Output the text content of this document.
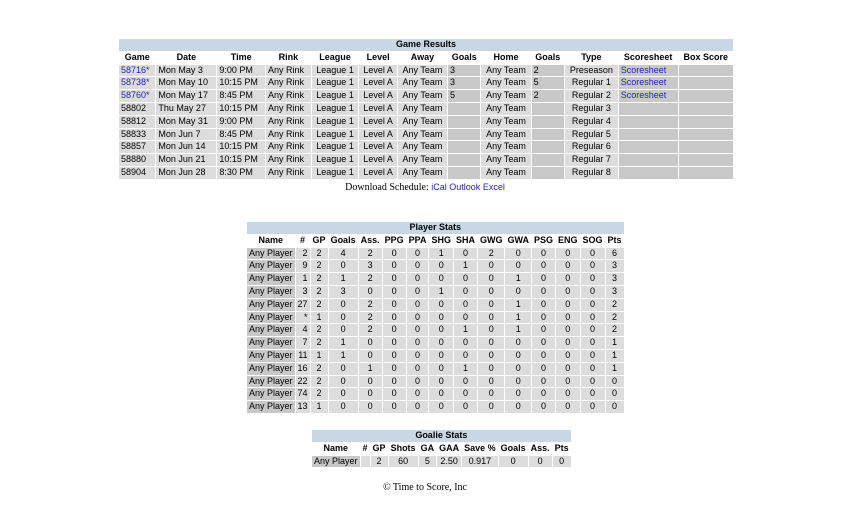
Game Results												
Game	Date	Time	Rink	League	Level	Away	Goals	Home	Goals	Type	Scoresheet	Box Score
58716*	Mon May 3	9:00 PM	Any Rink	League 1	Level A	Any Team	3	Any Team	2	Preseason	Scoresheet	
58738*	Mon May 10	10:15 PM	Any Rink	League 1	Level A	Any Team	3	Any Team	5	Regular 1	Scoresheet	
58760*	Mon May 17	8:45 PM	Any Rink	League 1	Level A	Any Team	5	Any Team	2	Regular 2	Scoresheet	
58802	Thu May 27	10:15 PM	Any Rink	League 1	Level A	Any Team		Any Team		Regular 3		
58812	Mon May 31	9:00 PM	Any Rink	League 1	Level A	Any Team		Any Team		Regular 4		
58833	Mon Jun 7	8:45 PM	Any Rink	League 1	Level A	Any Team		Any Team		Regular 5		
58857	Mon Jun 14	10:15 PM	Any Rink	League 1	Level A	Any Team		Any Team		Regular 6		
58880	Mon Jun 21	10:15 PM	Any Rink	League 1	Level A	Any Team		Any Team		Regular 7		
58904	Mon Jun 28	8:30 PM	Any Rink	League 1	Level A	Any Team		Any Team		Regular 8		
Download Schedule: iCal Outlook Excel
Player Stats														
Name	#	GP	Goals	Ass.	PPG	PPA	SHG	SHA	GWG	GWA	PSG	ENG	SOG	Pts
Any Player	2	2	4	2	0	0	1	0	2	0	0	0	0	6
Any Player	9	2	0	3	0	0	0	1	0	0	0	0	0	3
Any Player	1	2	1	2	0	0	0	0	0	1	0	0	0	3
Any Player	3	2	3	0	0	0	1	0	0	0	0	0	0	3
Any Player	27	2	0	2	0	0	0	0	0	1	0	0	0	2
Any Player	*	1	0	2	0	0	0	0	0	1	0	0	0	2
Any Player	4	2	0	2	0	0	0	1	0	1	0	0	0	2
Any Player	7	2	1	0	0	0	0	0	0	0	0	0	0	1
Any Player	11	1	1	0	0	0	0	0	0	0	0	0	0	1
Any Player	16	2	0	1	0	0	0	1	0	0	0	0	0	1
Any Player	22	2	0	0	0	0	0	0	0	0	0	0	0	0
Any Player	74	2	0	0	0	0	0	0	0	0	0	0	0	0
Any Player	13	1	0	0	0	0	0	0	0	0	0	0	0	0
Goalie Stats									
Name	#	GP	Shots	GA	GAA	Save %	Goals	Ass.	Pts
Any Player		2	60	5	2.50	0.917	0	0	0
© Time to Score, Inc
